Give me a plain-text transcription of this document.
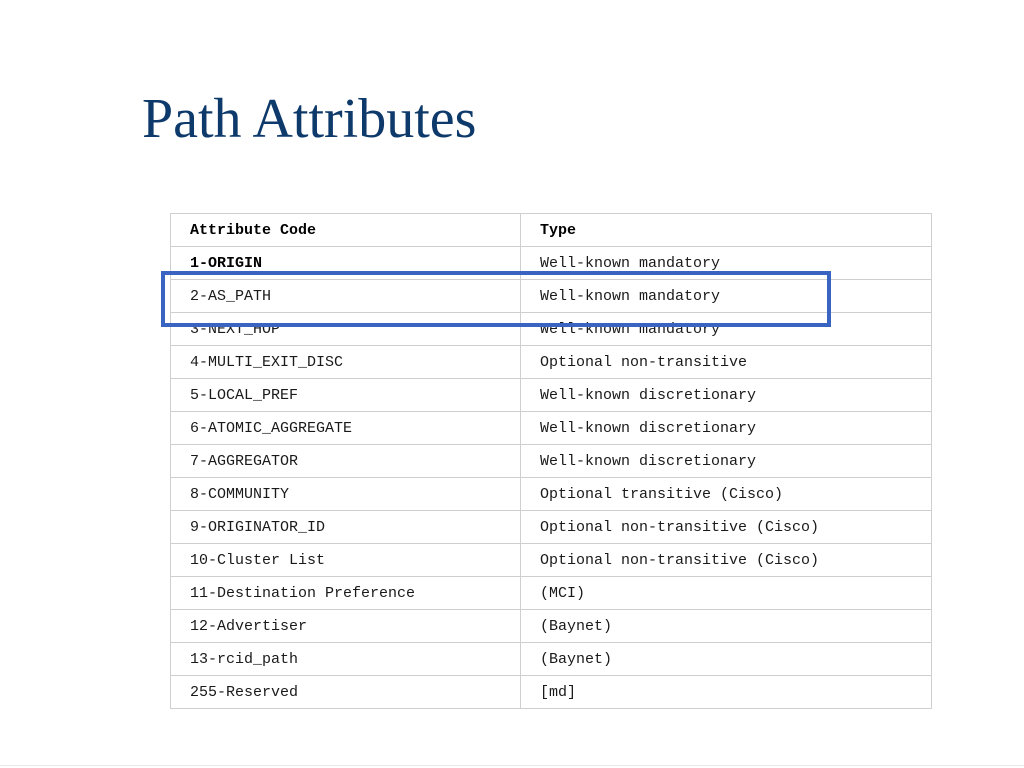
Path Attributes
Attribute Code	Type
1-ORIGIN	Well-known mandatory
2-AS_PATH	Well-known mandatory
3-NEXT_HOP	Well-known mandatory
4-MULTI_EXIT_DISC	Optional non-transitive
5-LOCAL_PREF	Well-known discretionary
6-ATOMIC_AGGREGATE	Well-known discretionary
7-AGGREGATOR	Well-known discretionary
8-COMMUNITY	Optional transitive (Cisco)
9-ORIGINATOR_ID	Optional non-transitive (Cisco)
10-Cluster List	Optional non-transitive (Cisco)
11-Destination Preference	(MCI)
12-Advertiser	(Baynet)
13-rcid_path	(Baynet)
255-Reserved	[md]
